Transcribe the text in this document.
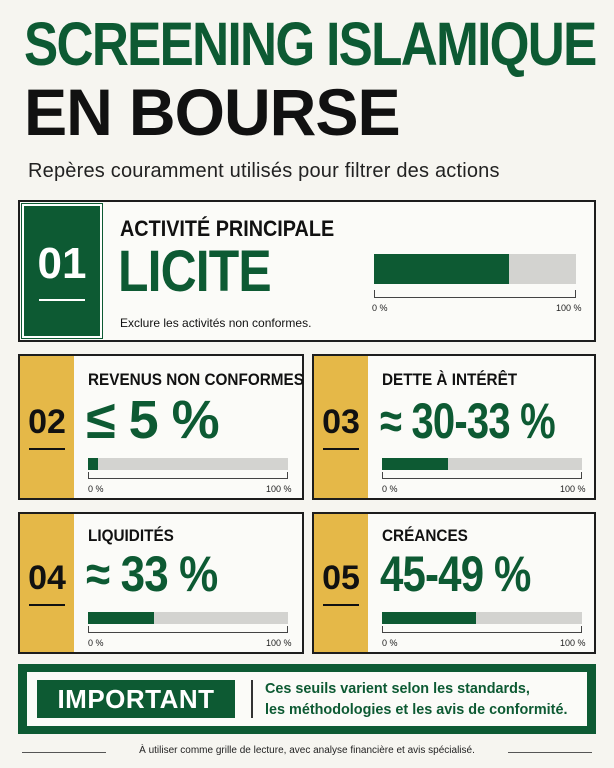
SCREENING ISLAMIQUE
EN BOURSE
Repères couramment utilisés pour filtrer des actions
01
ACTIVITÉ PRINCIPALE
LICITE
Exclure les activités non conformes.
0 %	100 %
02
REVENUS NON CONFORMES
≤ 5 %
0 %	100 %
03
DETTE À INTÉRÊT
≈ 30-33 %
0 %	100 %
04
LIQUIDITÉS
≈ 33 %
0 %	100 %
05
CRÉANCES
45-49 %
0 %	100 %
IMPORTANT	Ces seuils varient selon les standards,
les méthodologies et les avis de conformité.
À utiliser comme grille de lecture, avec analyse financière et avis spécialisé.
